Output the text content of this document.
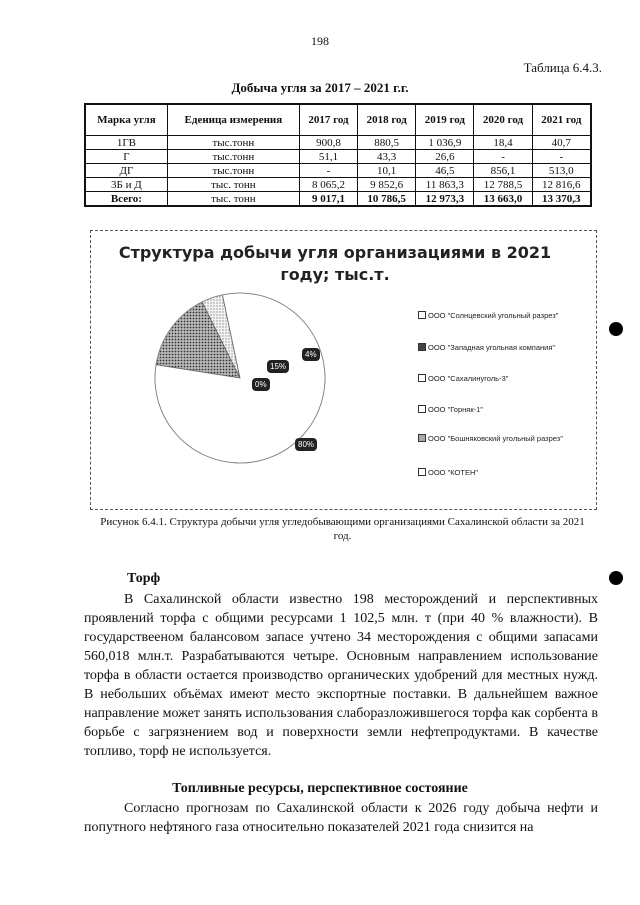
198
Таблица 6.4.3.
Добыча угля за 2017 – 2021 г.г.
Марка угля	Еденица измерения	2017 год	2018 год	2019 год	2020 год	2021 год
1ГВ	тыс.тонн	900,8	880,5	1 036,9	18,4	40,7
Г	тыс.тонн	51,1	43,3	26,6	-	-
ДГ	тыс.тонн	-	10,1	46,5	856,1	513,0
3Б и Д	тыс. тонн	8 065,2	9 852,6	11 863,3	12 788,5	12 816,6
Всего:	тыс. тонн	9 017,1	10 786,5	12 973,3	13 663,0	13 370,3
Структура добычи угля организациями в 2021 году; тыс.т.
80%
15%
0%
4%
ООО "Солнцевский угольный разрез"
ООО "Западная угольная компания"
ООО "Сахалинуголь-3"
ООО "Горняк-1"
ООО "Бошняковский угольный разрез"
ООО "КОТЕН"
Рисунок 6.4.1. Структура добычи угля угледобывающими организациями Сахалинской области за 2021 год.
Торф
В Сахалинской области известно 198 месторождений и перспективных проявлений торфа с общими ресурсами 1 102,5 млн. т (при 40 % влажности). В государствееном балансовом запасе учтено 34 месторождения с общими запасами 560,018 млн.т. Разрабатываются четыре. Основным направлением использование торфа в области остается производство органических удобрений для местных нужд. В небольших объёмах имеют место экспортные поставки. В дальнейшем важное направление может занять использования слаборазложившегося торфа как сорбента в борьбе с загрязнением вод и поверхности земли нефтепродуктами. В качестве топливо, торф не используется.
Топливные ресурсы, перспективное состояние
Согласно прогнозам по Сахалинской области к 2026 году добыча нефти и попутного нефтяного газа относительно показателей 2021 года снизится на
